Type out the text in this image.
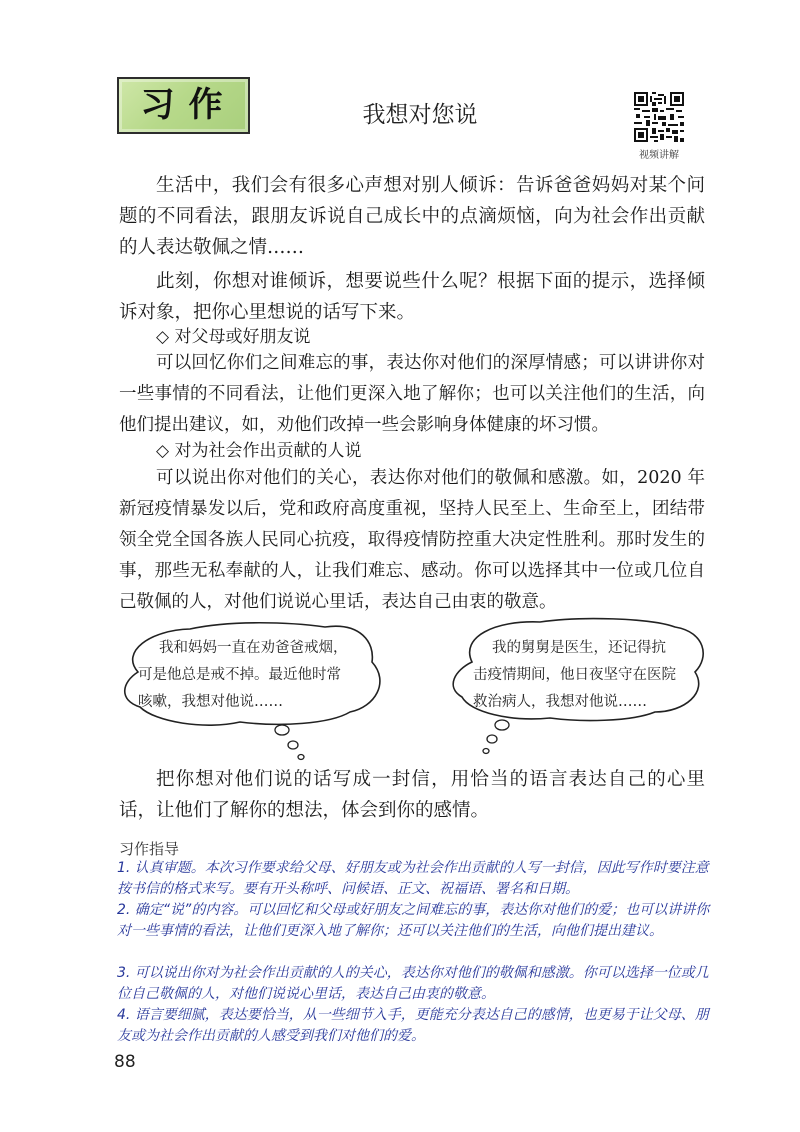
习作	我想对您说
视频讲解
生活中，我们会有很多心声想对别人倾诉：告诉爸爸妈妈对某个问题的不同看法，跟朋友诉说自己成长中的点滴烦恼，向为社会作出贡献的人表达敬佩之情……
此刻，你想对谁倾诉，想要说些什么呢？根据下面的提示，选择倾诉对象，把你心里想说的话写下来。
◇ 对父母或好朋友说
可以回忆你们之间难忘的事，表达你对他们的深厚情感；可以讲讲你对一些事情的不同看法，让他们更深入地了解你；也可以关注他们的生活，向他们提出建议，如，劝他们改掉一些会影响身体健康的坏习惯。
◇ 对为社会作出贡献的人说
可以说出你对他们的关心，表达你对他们的敬佩和感激。如，2020 年新冠疫情暴发以后，党和政府高度重视，坚持人民至上、生命至上，团结带领全党全国各族人民同心抗疫，取得疫情防控重大决定性胜利。那时发生的事，那些无私奉献的人，让我们难忘、感动。你可以选择其中一位或几位自己敬佩的人，对他们说说心里话，表达自己由衷的敬意。
我和妈妈一直在劝爸爸戒烟，
可是他总是戒不掉。最近他时常
咳嗽，我想对他说……
我的舅舅是医生，还记得抗
击疫情期间，他日夜坚守在医院
救治病人，我想对他说……
把你想对他们说的话写成一封信，用恰当的语言表达自己的心里话，让他们了解你的想法，体会到你的感情。
习作指导
1. 认真审题。本次习作要求给父母、好朋友或为社会作出贡献的人写一封信，因此写作时要注意按书信的格式来写。要有开头称呼、问候语、正文、祝福语、署名和日期。
2. 确定“说”的内容。可以回忆和父母或好朋友之间难忘的事，表达你对他们的爱；也可以讲讲你对一些事情的看法，让他们更深入地了解你；还可以关注他们的生活，向他们提出建议。
3. 可以说出你对为社会作出贡献的人的关心，表达你对他们的敬佩和感激。你可以选择一位或几位自己敬佩的人，对他们说说心里话，表达自己由衷的敬意。
4. 语言要细腻，表达要恰当，从一些细节入手，更能充分表达自己的感情，也更易于让父母、朋友或为社会作出贡献的人感受到我们对他们的爱。
88
